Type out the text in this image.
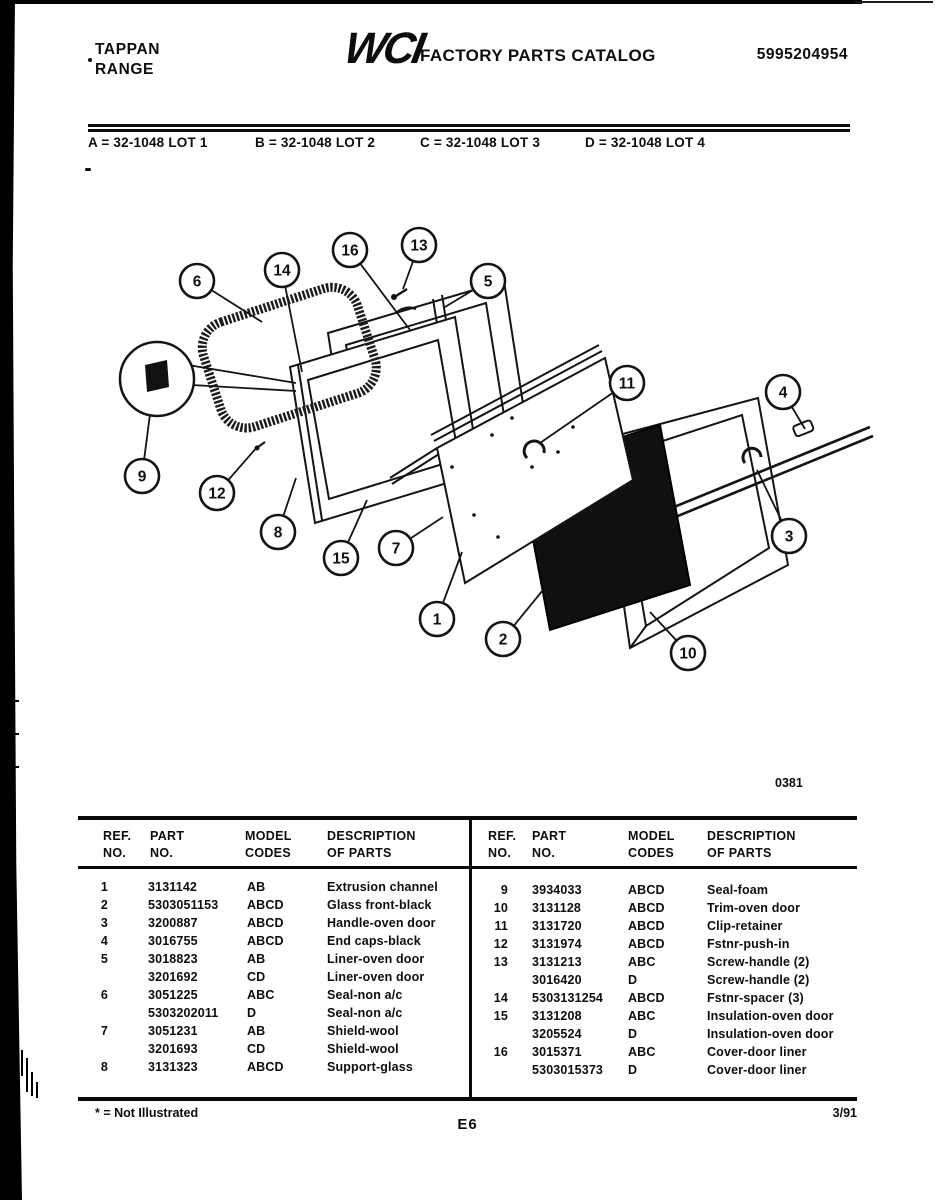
TAPPAN
RANGE	WCI
FACTORY PARTS CATALOG	5995204954
A = 32-1048 LOT 1	B = 32-1048 LOT 2	C = 32-1048 LOT 3	D = 32-1048 LOT 4
1
2
3
4
5
6
7
8
9
10
11
12
13
14
15
16
0381
REF.
NO.
PART
NO.
MODEL
CODES
DESCRIPTION
OF PARTS
REF.
NO.
PART
NO.
MODEL
CODES
DESCRIPTION
OF PARTS
1	3131142	AB	Extrusion channel
2	5303051153 ABCD	Glass front-black
3	3200887	ABCD	Handle-oven door
4	3016755	ABCD	End caps-black
5	3018823	AB	Liner-oven door
3201692	CD	Liner-oven door
6	3051225	ABC	Seal-non a/c
5303202011 D	Seal-non a/c
7	3051231	AB	Shield-wool
3201693	CD	Shield-wool
8	3131323	ABCD	Support-glass
9 3934033	ABCD	Seal-foam
10 3131128	ABCD	Trim-oven door
11 3131720	ABCD	Clip-retainer
12 3131974	ABCD	Fstnr-push-in
13 3131213	ABC	Screw-handle (2)
3016420	D	Screw-handle (2)
14 5303131254 ABCD	Fstnr-spacer (3)
15 3131208	ABC	Insulation-oven door
3205524	D	Insulation-oven door
16 3015371	ABC	Cover-door liner
5303015373 D	Cover-door liner
* = Not Illustrated
E6
3/91
